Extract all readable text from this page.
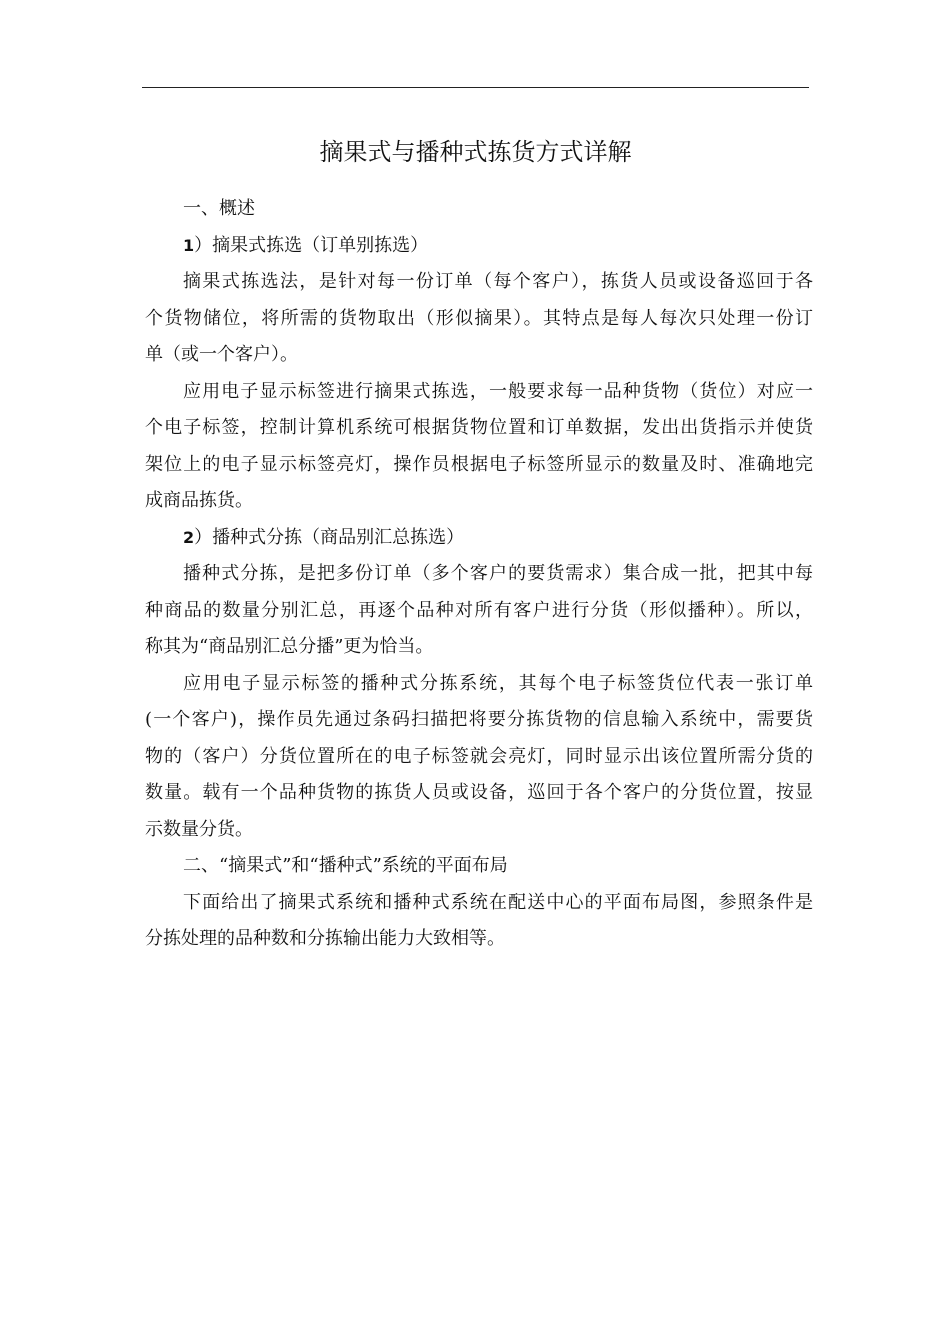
摘果式与播种式拣货方式详解
一、概述
1）摘果式拣选（订单别拣选）
摘果式拣选法，是针对每一份订单（每个客户），拣货人员或设备巡回于各
个货物储位，将所需的货物取出（形似摘果）。其特点是每人每次只处理一份订
单（或一个客户）。
应用电子显示标签进行摘果式拣选，一般要求每一品种货物（货位）对应一
个电子标签，控制计算机系统可根据货物位置和订单数据，发出出货指示并使货
架位上的电子显示标签亮灯，操作员根据电子标签所显示的数量及时、准确地完
成商品拣货。
2）播种式分拣（商品别汇总拣选）
播种式分拣，是把多份订单（多个客户的要货需求）集合成一批，把其中每
种商品的数量分别汇总，再逐个品种对所有客户进行分货（形似播种）。所以，
称其为“商品别汇总分播”更为恰当。
应用电子显示标签的播种式分拣系统，其每个电子标签货位代表一张订单
(一个客户)，操作员先通过条码扫描把将要分拣货物的信息输入系统中，需要货
物的（客户）分货位置所在的电子标签就会亮灯，同时显示出该位置所需分货的
数量。载有一个品种货物的拣货人员或设备，巡回于各个客户的分货位置，按显
示数量分货。
二、“摘果式”和“播种式”系统的平面布局
下面给出了摘果式系统和播种式系统在配送中心的平面布局图，参照条件是
分拣处理的品种数和分拣输出能力大致相等。
